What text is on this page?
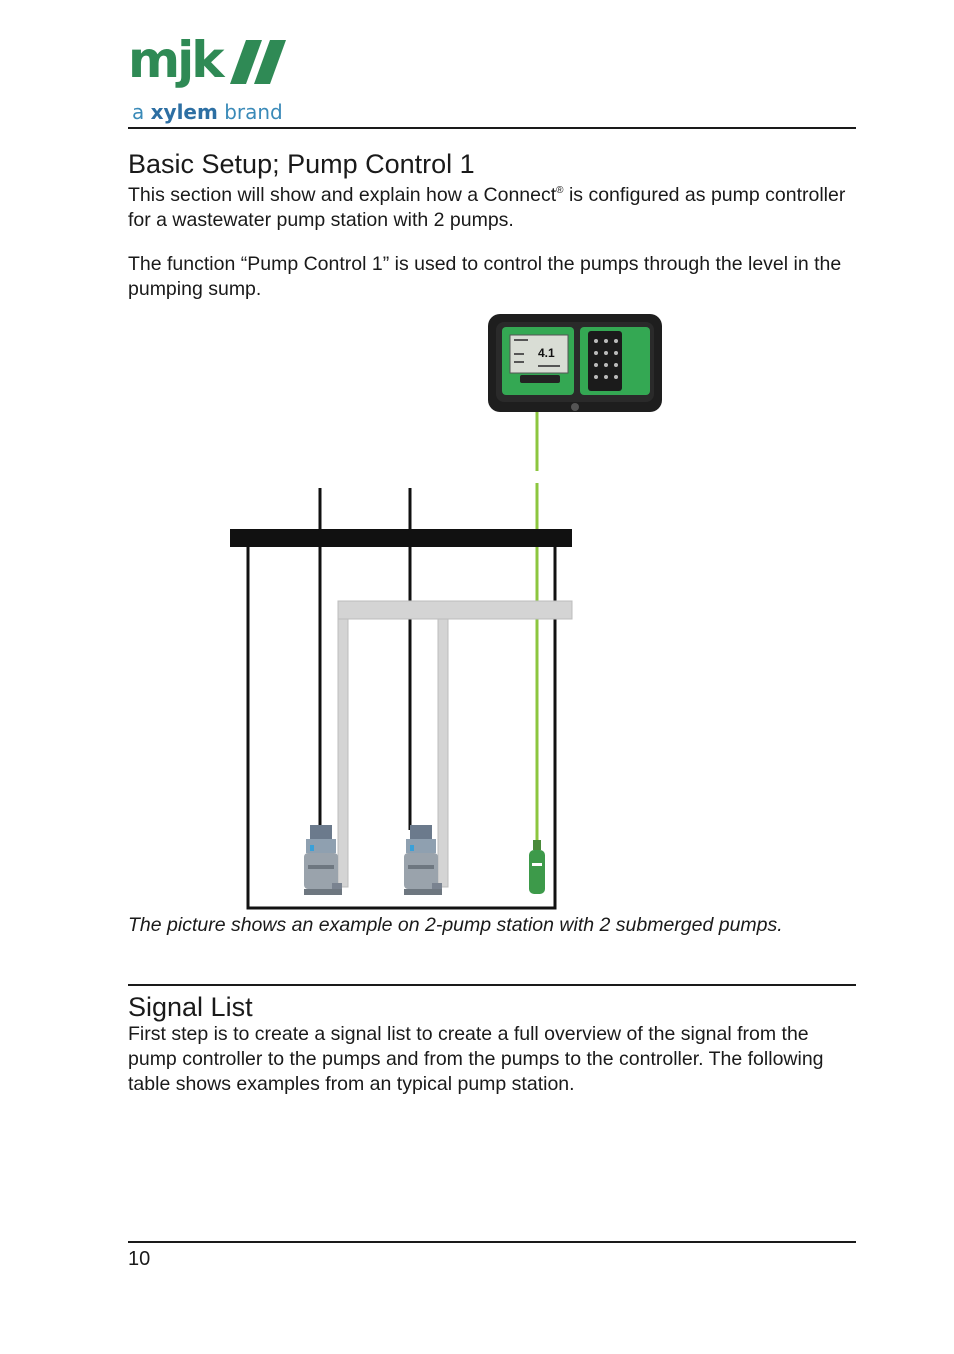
mjk
a xylem brand
Basic Setup; Pump Control 1

This section will show and explain how a Connect® is configured as pump controller for a wastewater pump station with 2 pumps.

The function “Pump Control 1” is used to control the pumps through the level in the pumping sump.

4.1

The picture shows an example on 2-pump station with 2 submerged pumps.

Signal List

First step is to create a signal list to create a full overview of the signal from the pump controller to the pumps and from the pumps to the controller. The following table shows examples from an typical pump station.

10
